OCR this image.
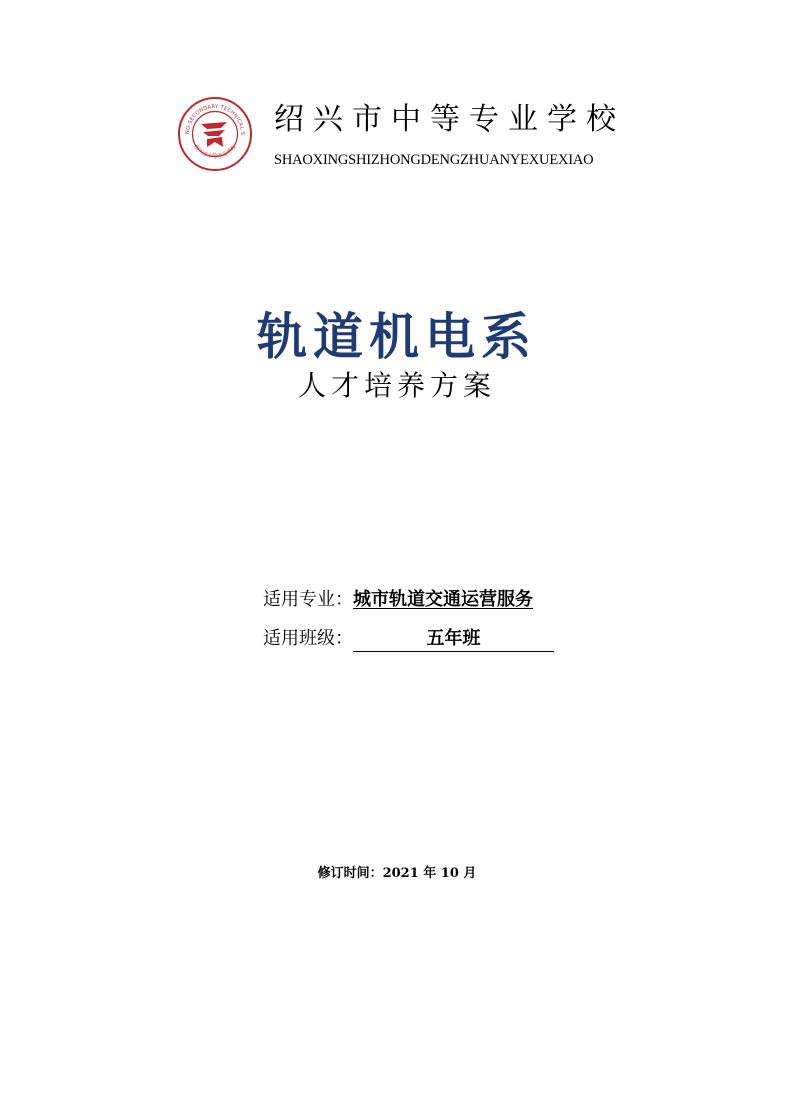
NG SECONDARY TECHNICAL S
绍兴市中等专业学校
绍兴市中等专业学校
SHAOXINGSHIZHONGDENGZHUANYEXUEXIAO
轨道机电系
人才培养方案
适用专业：城市轨道交通运营服务
适用班级：	五年班
修订时间：2021 年 10 月
